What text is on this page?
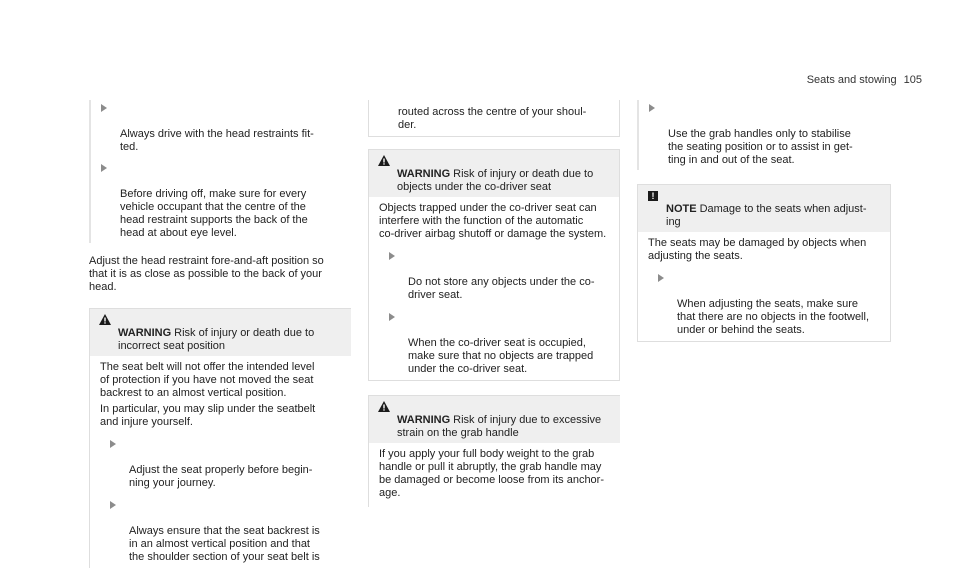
Seats and stowing 105

Always drive with the head restraints fit-
ted.

Before driving off, make sure for every
vehicle occupant that the centre of the
head restraint supports the back of the
head at about eye level.

Adjust the head restraint fore-and-aft position so
that it is as close as possible to the back of your
head.

WARNING Risk of injury or death due to
incorrect seat position

The seat belt will not offer the intended level
of protection if you have not moved the seat
backrest to an almost vertical position.

In particular, you may slip under the seatbelt
and injure yourself.

Adjust the seat properly before begin-
ning your journey.

Always ensure that the seat backrest is
in an almost vertical position and that
the shoulder section of your seat belt is

routed across the centre of your shoul-
der.

WARNING Risk of injury or death due to
objects under the co-driver seat

Objects trapped under the co-driver seat can
interfere with the function of the automatic
co-driver airbag shutoff or damage the system.

Do not store any objects under the co-
driver seat.

When the co-driver seat is occupied,
make sure that no objects are trapped
under the co-driver seat.

WARNING Risk of injury due to excessive
strain on the grab handle

If you apply your full body weight to the grab
handle or pull it abruptly, the grab handle may
be damaged or become loose from its anchor-
age.

Use the grab handles only to stabilise
the seating position or to assist in get-
ting in and out of the seat.

!

NOTE Damage to the seats when adjust-
ing

The seats may be damaged by objects when
adjusting the seats.

When adjusting the seats, make sure
that there are no objects in the footwell,
under or behind the seats.
